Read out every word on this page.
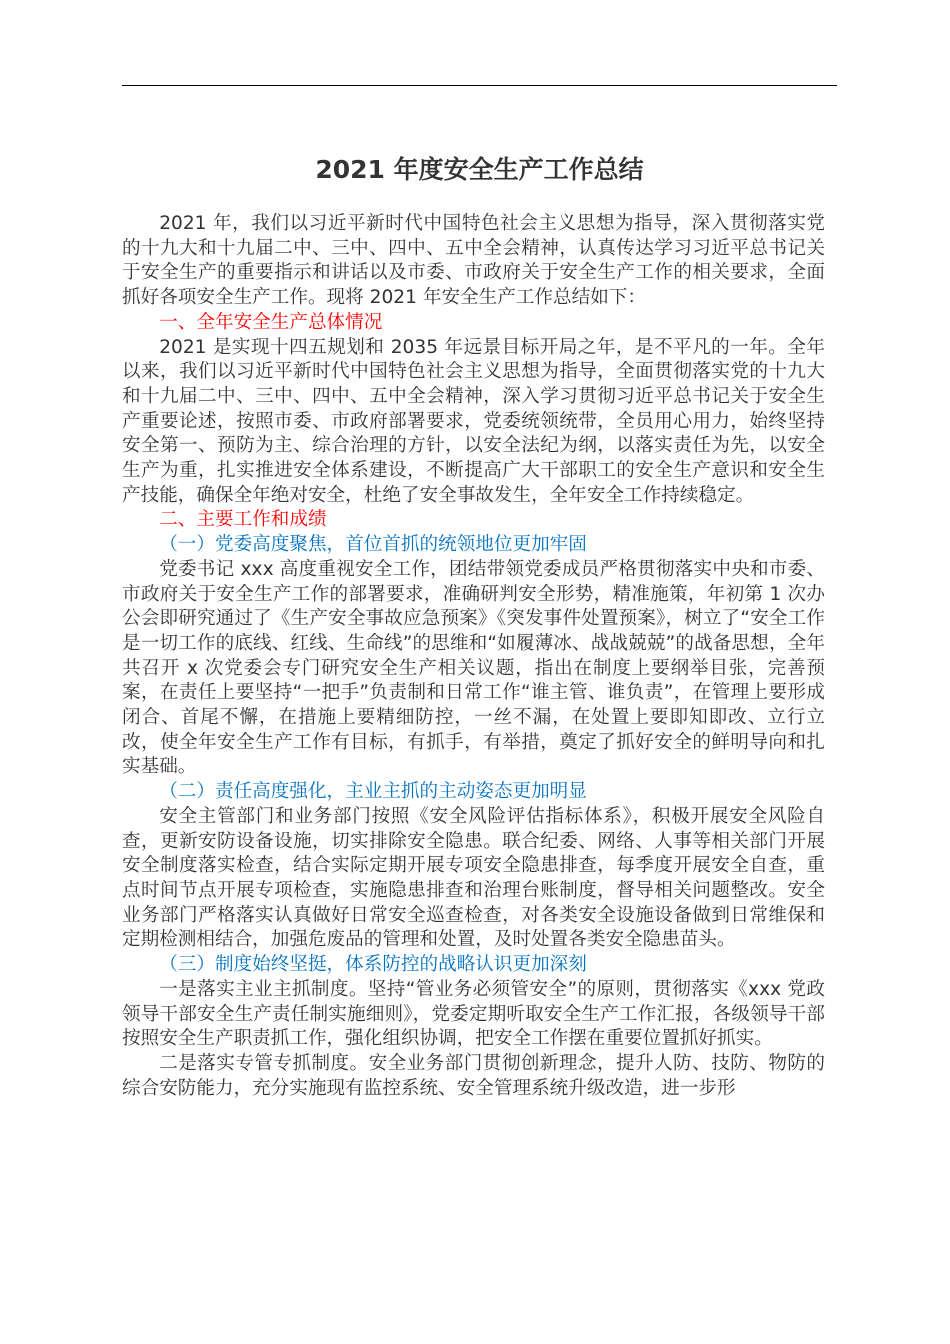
2021 年度安全生产工作总结

2021 年，我们以习近平新时代中国特色社会主义思想为指导，深入贯彻落实党的十九大和十九届二中、三中、四中、五中全会精神，认真传达学习习近平总书记关于安全生产的重要指示和讲话以及市委、市政府关于安全生产工作的相关要求，全面抓好各项安全生产工作。现将 2021 年安全生产工作总结如下：

一、全年安全生产总体情况

2021 是实现十四五规划和 2035 年远景目标开局之年，是不平凡的一年。全年以来，我们以习近平新时代中国特色社会主义思想为指导，全面贯彻落实党的十九大和十九届二中、三中、四中、五中全会精神，深入学习贯彻习近平总书记关于安全生产重要论述，按照市委、市政府部署要求，党委统领统带，全员用心用力，始终坚持安全第一、预防为主、综合治理的方针，以安全法纪为纲，以落实责任为先，以安全生产为重，扎实推进安全体系建设，不断提高广大干部职工的安全生产意识和安全生产技能，确保全年绝对安全，杜绝了安全事故发生，全年安全工作持续稳定。

二、主要工作和成绩

（一）党委高度聚焦，首位首抓的统领地位更加牢固

党委书记 xxx 高度重视安全工作，团结带领党委成员严格贯彻落实中央和市委、市政府关于安全生产工作的部署要求，准确研判安全形势，精准施策，年初第 1 次办公会即研究通过了《生产安全事故应急预案》《突发事件处置预案》，树立了“安全工作是一切工作的底线、红线、生命线”的思维和“如履薄冰、战战兢兢”的战备思想，全年共召开 x 次党委会专门研究安全生产相关议题，指出在制度上要纲举目张，完善预案，在责任上要坚持“一把手”负责制和日常工作“谁主管、谁负责”，在管理上要形成闭合、首尾不懈，在措施上要精细防控，一丝不漏，在处置上要即知即改、立行立改，使全年安全生产工作有目标，有抓手，有举措，奠定了抓好安全的鲜明导向和扎实基础。

（二）责任高度强化，主业主抓的主动姿态更加明显

安全主管部门和业务部门按照《安全风险评估指标体系》，积极开展安全风险自查，更新安防设备设施，切实排除安全隐患。联合纪委、网络、人事等相关部门开展安全制度落实检查，结合实际定期开展专项安全隐患排查，每季度开展安全自查，重点时间节点开展专项检查，实施隐患排查和治理台账制度，督导相关问题整改。安全业务部门严格落实认真做好日常安全巡查检查，对各类安全设施设备做到日常维保和定期检测相结合，加强危废品的管理和处置，及时处置各类安全隐患苗头。

（三）制度始终坚挺，体系防控的战略认识更加深刻

一是落实主业主抓制度。坚持“管业务必须管安全”的原则，贯彻落实《xxx 党政领导干部安全生产责任制实施细则》，党委定期听取安全生产工作汇报，各级领导干部按照安全生产职责抓工作，强化组织协调，把安全工作摆在重要位置抓好抓实。

二是落实专管专抓制度。安全业务部门贯彻创新理念，提升人防、技防、物防的综合安防能力，充分实施现有监控系统、安全管理系统升级改造，进一步形
